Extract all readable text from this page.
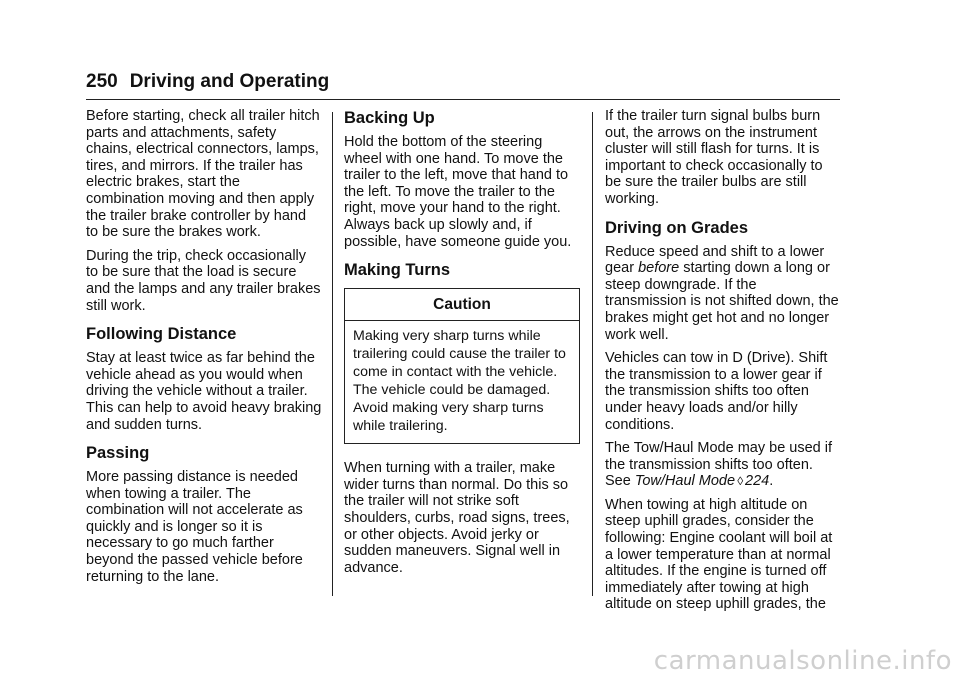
250 Driving and Operating

Before starting, check all trailer hitch parts and attachments, safety chains, electrical connectors, lamps, tires, and mirrors. If the trailer has electric brakes, start the combination moving and then apply the trailer brake controller by hand to be sure the brakes work.

During the trip, check occasionally to be sure that the load is secure and the lamps and any trailer brakes still work.

Following Distance

Stay at least twice as far behind the vehicle ahead as you would when driving the vehicle without a trailer. This can help to avoid heavy braking and sudden turns.

Passing

More passing distance is needed when towing a trailer. The combination will not accelerate as quickly and is longer so it is necessary to go much farther beyond the passed vehicle before returning to the lane.

Backing Up

Hold the bottom of the steering wheel with one hand. To move the trailer to the left, move that hand to the left. To move the trailer to the right, move your hand to the right. Always back up slowly and, if possible, have someone guide you.

Making Turns
Caution
Making very sharp turns while trailering could cause the trailer to come in contact with the vehicle. The vehicle could be damaged. Avoid making very sharp turns while trailering.

When turning with a trailer, make wider turns than normal. Do this so the trailer will not strike soft shoulders, curbs, road signs, trees, or other objects. Avoid jerky or sudden maneuvers. Signal well in advance.

If the trailer turn signal bulbs burn out, the arrows on the instrument cluster will still flash for turns. It is important to check occasionally to be sure the trailer bulbs are still working.

Driving on Grades

Reduce speed and shift to a lower gear before starting down a long or steep downgrade. If the transmission is not shifted down, the brakes might get hot and no longer work well.

Vehicles can tow in D (Drive). Shift the transmission to a lower gear if the transmission shifts too often under heavy loads and/or hilly conditions.

The Tow/Haul Mode may be used if the transmission shifts too often. See Tow/Haul Mode ◊ 224.

When towing at high altitude on steep uphill grades, consider the following: Engine coolant will boil at a lower temperature than at normal altitudes. If the engine is turned off immediately after towing at high altitude on steep uphill grades, the

carmanualsonline.info
